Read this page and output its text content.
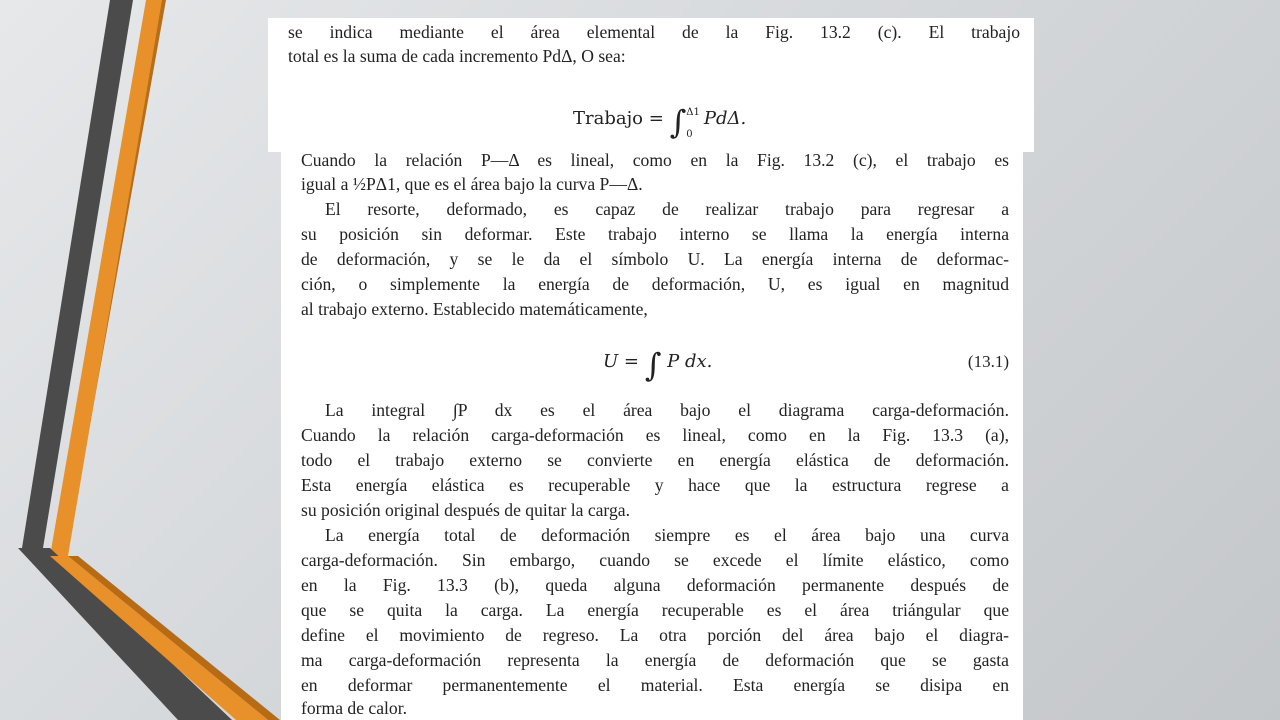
se indica mediante el área elemental de la Fig. 13.2 (c). El trabajo
total es la suma de cada incremento PdΔ, O sea:
Trabajo = ∫ Δ1
0
PdΔ.
Cuando la relación P—Δ es lineal, como en la Fig. 13.2 (c), el trabajo es
igual a ½PΔ1, que es el área bajo la curva P—Δ.
El resorte, deformado, es capaz de realizar trabajo para regresar a
su posición sin deformar. Este trabajo interno se llama la energía interna
de deformación, y se le da el símbolo U. La energía interna de deformac-
ción, o simplemente la energía de deformación, U, es igual en magnitud
al trabajo externo. Establecido matemáticamente,
U = ∫ P dx.	(13.1)
La integral ∫P dx es el área bajo el diagrama carga-deformación.
Cuando la relación carga-deformación es lineal, como en la Fig. 13.3 (a),
todo el trabajo externo se convierte en energía elástica de deformación.
Esta energía elástica es recuperable y hace que la estructura regrese a
su posición original después de quitar la carga.
La energía total de deformación siempre es el área bajo una curva
carga-deformación. Sin embargo, cuando se excede el límite elástico, como
en la Fig. 13.3 (b), queda alguna deformación permanente después de
que se quita la carga. La energía recuperable es el área triángular que
define el movimiento de regreso. La otra porción del área bajo el diagra-
ma carga-deformación representa la energía de deformación que se gasta
en deformar permanentemente el material. Esta energía se disipa en
forma de calor.
